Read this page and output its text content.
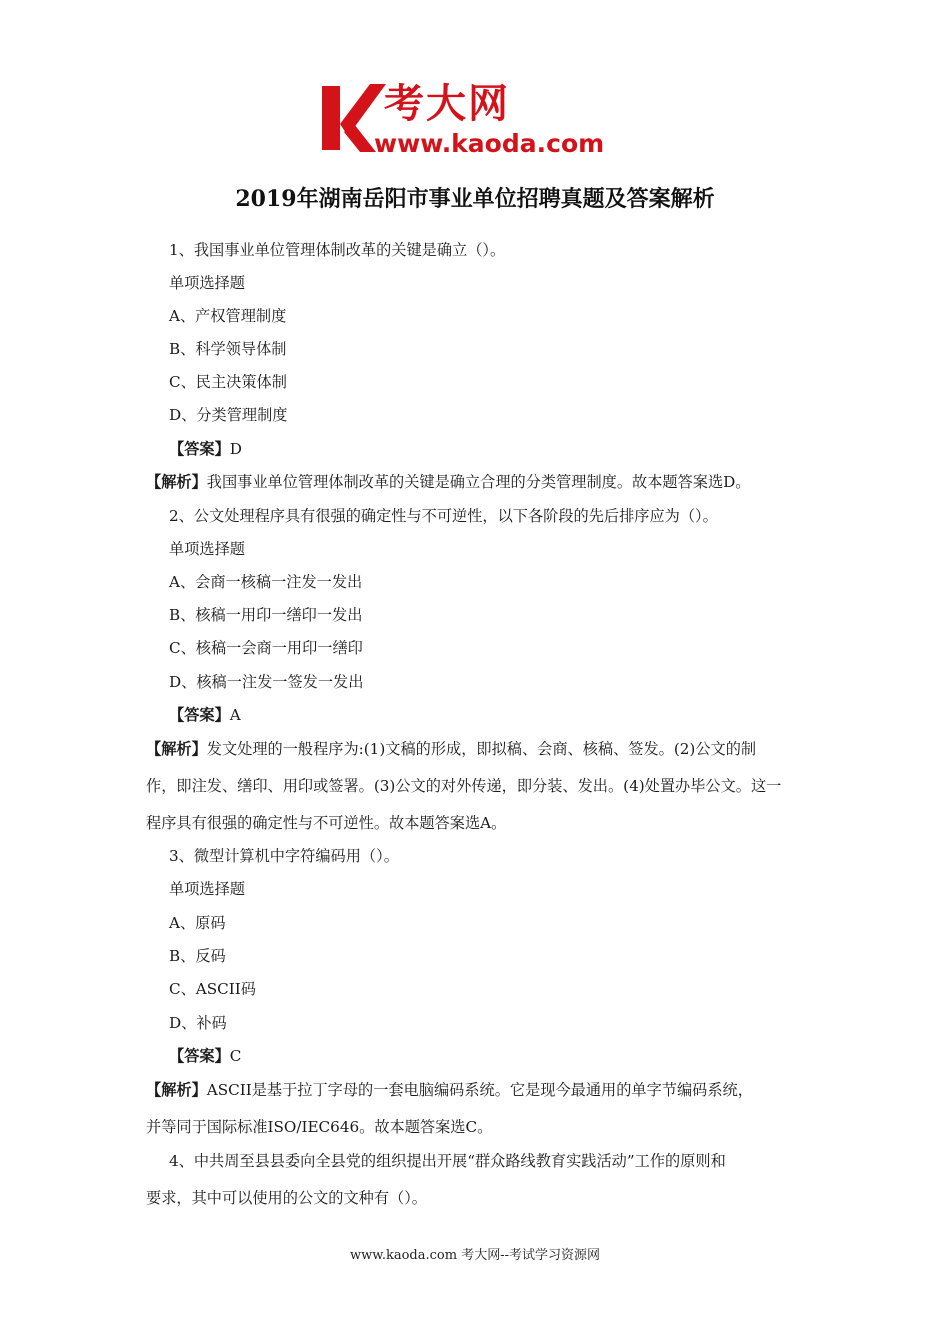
考大网
www.kaoda.com
2019年湖南岳阳市事业单位招聘真题及答案解析
1、我国事业单位管理体制改革的关键是确立（）。
单项选择题
A、产权管理制度
B、科学领导体制
C、民主决策体制
D、分类管理制度
【答案】D
【解析】我国事业单位管理体制改革的关键是确立合理的分类管理制度。故本题答案选D。
2、公文处理程序具有很强的确定性与不可逆性，以下各阶段的先后排序应为（）。
单项选择题
A、会商一核稿一注发一发出
B、核稿一用印一缮印一发出
C、核稿一会商一用印一缮印
D、核稿一注发一签发一发出
【答案】A
【解析】发文处理的一般程序为:(1)文稿的形成，即拟稿、会商、核稿、签发。(2)公文的制
作，即注发、缮印、用印或签署。(3)公文的对外传递，即分装、发出。(4)处置办毕公文。这一
程序具有很强的确定性与不可逆性。故本题答案选A。
3、微型计算机中字符编码用（）。
单项选择题
A、原码
B、反码
C、ASCII码
D、补码
【答案】C
【解析】ASCII是基于拉丁字母的一套电脑编码系统。它是现今最通用的单字节编码系统，
并等同于国际标准ISO/IEC646。故本题答案选C。
4、中共周至县县委向全县党的组织提出开展“群众路线教育实践活动”工作的原则和
要求，其中可以使用的公文的文种有（）。
www.kaoda.com 考大网--考试学习资源网
